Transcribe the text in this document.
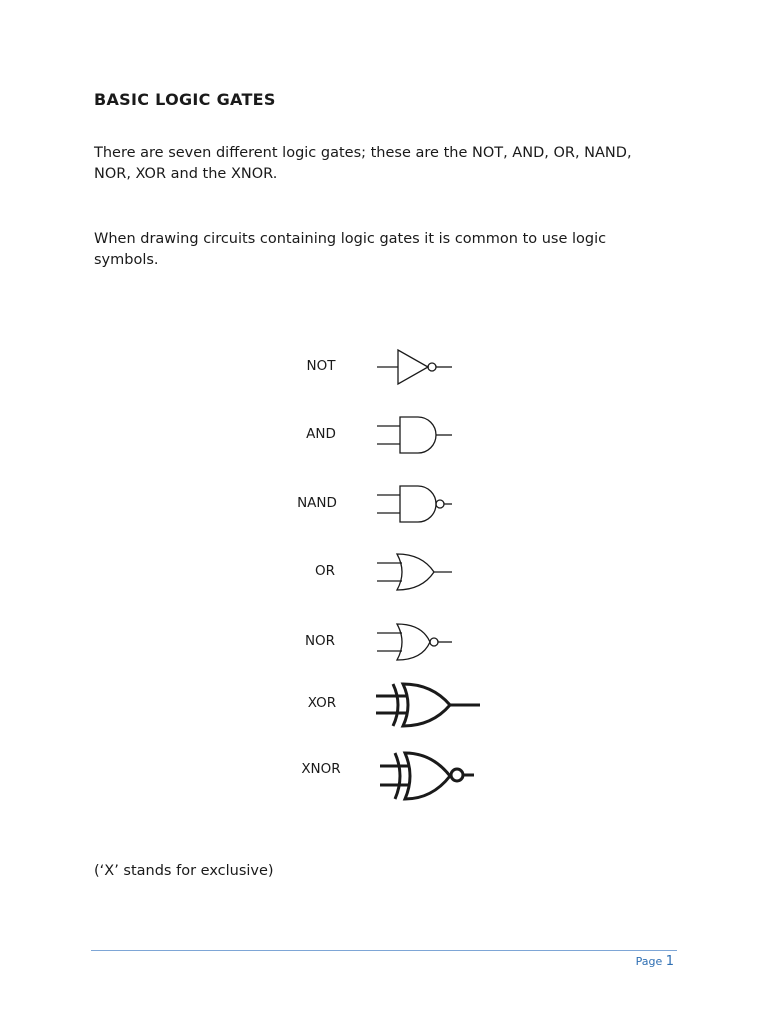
BASIC LOGIC GATES

There are seven different logic gates; these are the NOT, AND, OR, NAND, NOR, XOR and the XNOR.

When drawing circuits containing logic gates it is common to use logic symbols.

NOT
AND
NAND
OR
NOR
XOR
XNOR

(‘X’ stands for exclusive)

Page 1
